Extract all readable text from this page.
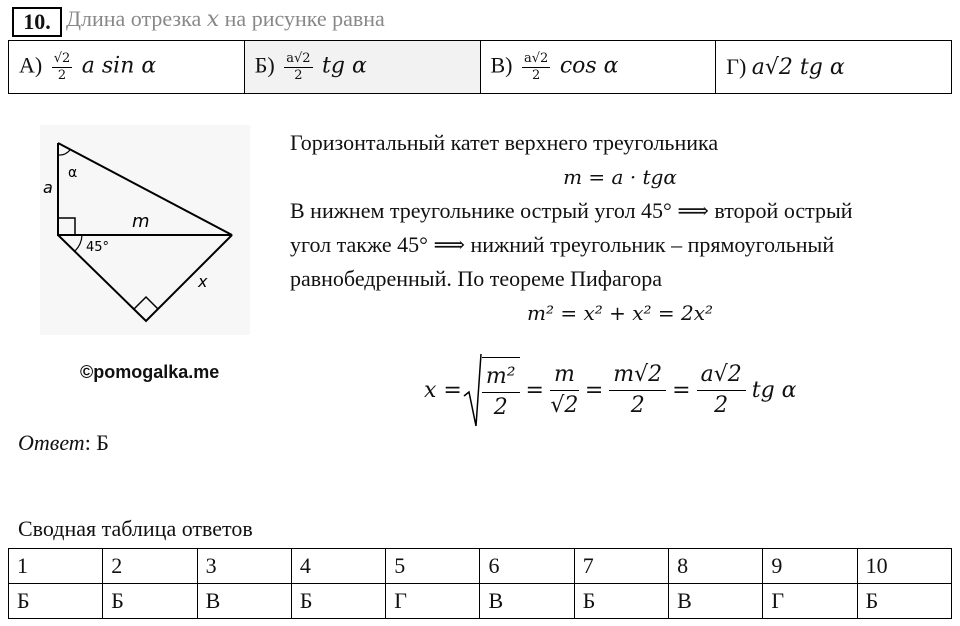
10. Длина отрезка x на рисунке равна
$А) \frac{√2}{2}$ a sin α	$Б) \frac{a√2}{2}$ tg α	$В) \frac{a√2}{2}$ cos α	Г) a√2 tg α
a
α
m
45°
x
©pomogalka.me
Горизонтальный катет верхнего треугольника
m = a · tgα
В нижнем треугольнике острый угол 45° ⟹ второй острый
угол также 45° ⟹ нижний треугольник – прямоугольный
равнобедренный. По теореме Пифагора
m² = x² + x² = 2x²
x =
m²
2
= $\frac{m}{√2} = \frac{m√2}{2} = \frac{a√2}{2}$ tg α
Ответ: Б
Сводная таблица ответов
1	2	3	4	5	6	7	8	9	10
Б	Б	В	Б	Г	В	Б	В	Г	Б
